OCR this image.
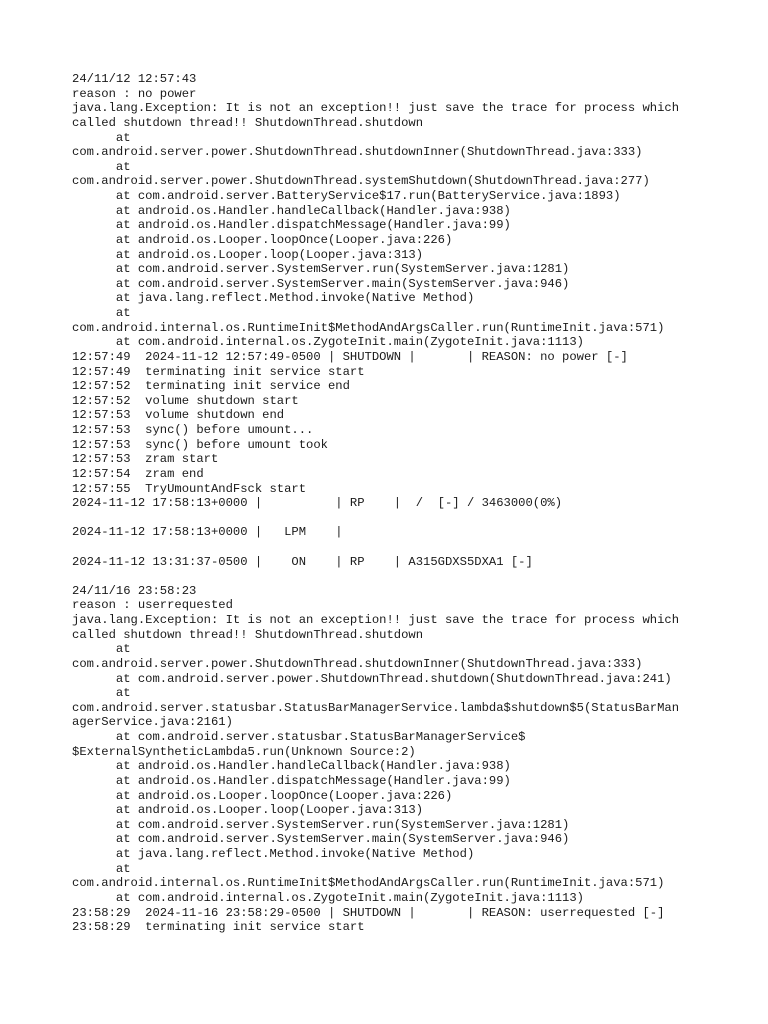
24/11/12 12:57:43
reason : no power
java.lang.Exception: It is not an exception!! just save the trace for process which
called shutdown thread!! ShutdownThread.shutdown
at
com.android.server.power.ShutdownThread.shutdownInner(ShutdownThread.java:333)
at
com.android.server.power.ShutdownThread.systemShutdown(ShutdownThread.java:277)
at com.android.server.BatteryService$17.run(BatteryService.java:1893)
at android.os.Handler.handleCallback(Handler.java:938)
at android.os.Handler.dispatchMessage(Handler.java:99)
at android.os.Looper.loopOnce(Looper.java:226)
at android.os.Looper.loop(Looper.java:313)
at com.android.server.SystemServer.run(SystemServer.java:1281)
at com.android.server.SystemServer.main(SystemServer.java:946)
at java.lang.reflect.Method.invoke(Native Method)
at
com.android.internal.os.RuntimeInit$MethodAndArgsCaller.run(RuntimeInit.java:571)
at com.android.internal.os.ZygoteInit.main(ZygoteInit.java:1113)
12:57:49  2024-11-12 12:57:49-0500 | SHUTDOWN |       | REASON: no power [-]
12:57:49  terminating init service start
12:57:52  terminating init service end
12:57:52  volume shutdown start
12:57:53  volume shutdown end
12:57:53  sync() before umount...
12:57:53  sync() before umount took
12:57:53  zram start
12:57:54  zram end
12:57:55  TryUmountAndFsck start
2024-11-12 17:58:13+0000 |          | RP    |  /  [-] / 3463000(0%)
2024-11-12 17:58:13+0000 |   LPM    |
2024-11-12 13:31:37-0500 |    ON    | RP    | A315GDXS5DXA1 [-]
24/11/16 23:58:23
reason : userrequested
java.lang.Exception: It is not an exception!! just save the trace for process which
called shutdown thread!! ShutdownThread.shutdown
at
com.android.server.power.ShutdownThread.shutdownInner(ShutdownThread.java:333)
at com.android.server.power.ShutdownThread.shutdown(ShutdownThread.java:241)
at
com.android.server.statusbar.StatusBarManagerService.lambda$shutdown$5(StatusBarMan
agerService.java:2161)
at com.android.server.statusbar.StatusBarManagerService$
$ExternalSyntheticLambda5.run(Unknown Source:2)
at android.os.Handler.handleCallback(Handler.java:938)
at android.os.Handler.dispatchMessage(Handler.java:99)
at android.os.Looper.loopOnce(Looper.java:226)
at android.os.Looper.loop(Looper.java:313)
at com.android.server.SystemServer.run(SystemServer.java:1281)
at com.android.server.SystemServer.main(SystemServer.java:946)
at java.lang.reflect.Method.invoke(Native Method)
at
com.android.internal.os.RuntimeInit$MethodAndArgsCaller.run(RuntimeInit.java:571)
at com.android.internal.os.ZygoteInit.main(ZygoteInit.java:1113)
23:58:29  2024-11-16 23:58:29-0500 | SHUTDOWN |       | REASON: userrequested [-]
23:58:29  terminating init service start
